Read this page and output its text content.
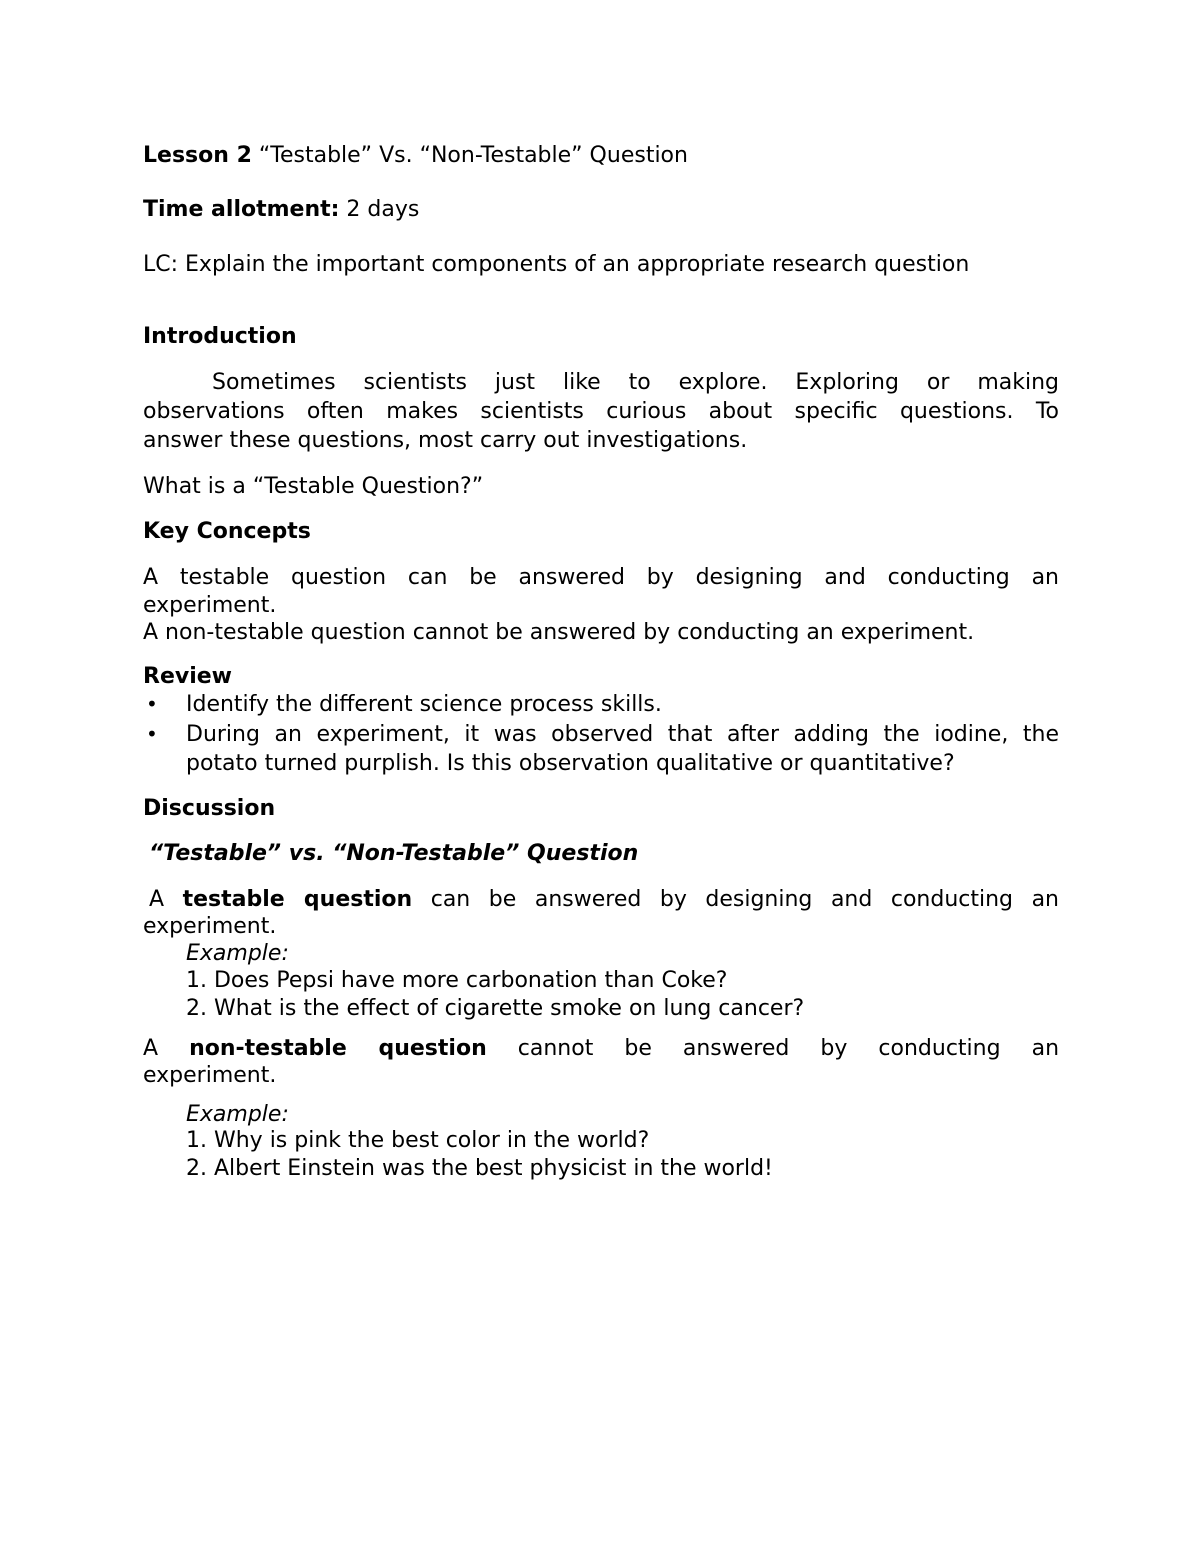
Lesson 2 “Testable” Vs. “Non-Testable” Question

Time allotment: 2 days

LC: Explain the important components of an appropriate research question

Introduction

Sometimes scientists just like to explore. Exploring or making

observations often makes scientists curious about specific questions. To

answer these questions, most carry out investigations.

What is a “Testable Question?”

Key Concepts

A testable question can be answered by designing and conducting an

experiment.

A non-testable question cannot be answered by conducting an experiment.

Review

• Identify the different science process skills.

• During an experiment, it was observed that after adding the iodine, the

potato turned purplish. Is this observation qualitative or quantitative?

Discussion

“Testable” vs. “Non-Testable” Question

A testable question can be answered by designing and conducting an

experiment.

Example:

1. Does Pepsi have more carbonation than Coke?

2. What is the effect of cigarette smoke on lung cancer?

A non-testable question cannot be answered by conducting an

experiment.

Example:

1. Why is pink the best color in the world?

2. Albert Einstein was the best physicist in the world!
